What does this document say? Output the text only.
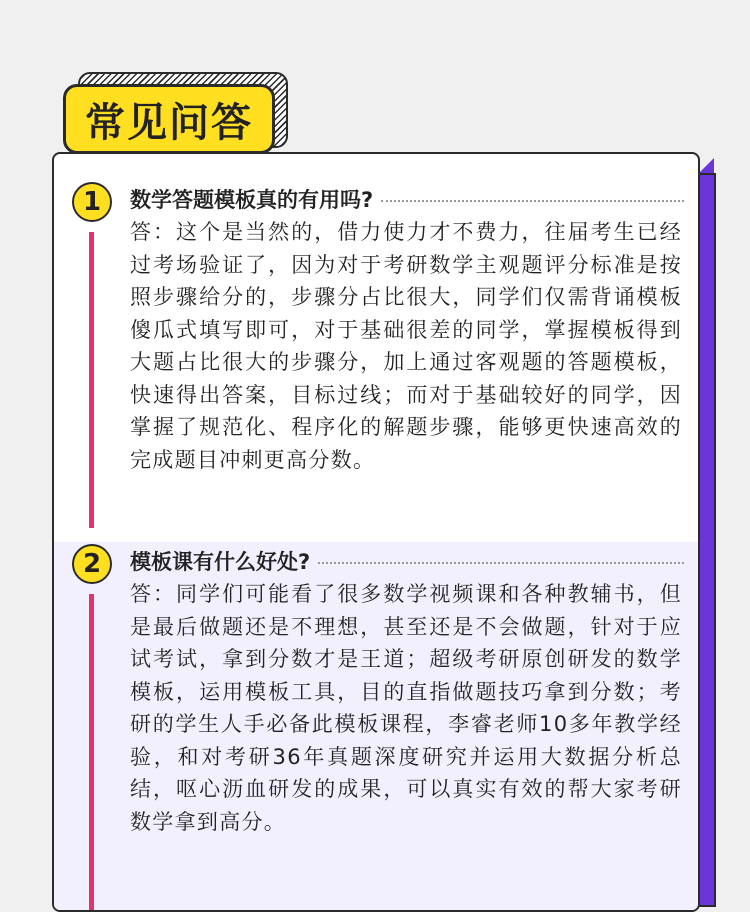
常见问答
1	数学答题模板真的有用吗?
答：这个是当然的，借力使力才不费力，往届考生已经过考场验证了，因为对于考研数学主观题评分标准是按照步骤给分的，步骤分占比很大，同学们仅需背诵模板傻瓜式填写即可，对于基础很差的同学，掌握模板得到大题占比很大的步骤分，加上通过客观题的答题模板，快速得出答案，目标过线；而对于基础较好的同学，因掌握了规范化、程序化的解题步骤，能够更快速高效的完成题目冲刺更高分数。
2	模板课有什么好处?
答：同学们可能看了很多数学视频课和各种教辅书，但是最后做题还是不理想，甚至还是不会做题，针对于应试考试，拿到分数才是王道；超级考研原创研发的数学模板，运用模板工具，目的直指做题技巧拿到分数；考研的学生人手必备此模板课程，李睿老师10多年教学经验，和对考研36年真题深度研究并运用大数据分析总结，呕心沥血研发的成果，可以真实有效的帮大家考研数学拿到高分。
